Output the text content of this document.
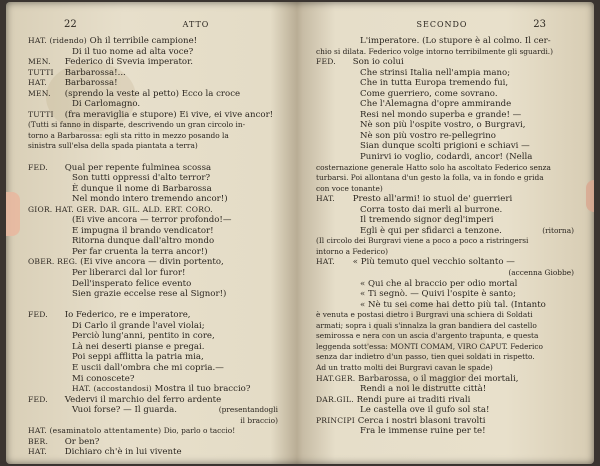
22	ATTO
HAT. (ridendo) Oh il terribile campione!
Di il tuo nome ad alta voce?
MEN. Federico di Svevia imperator.
TUTTI Barbarossa!...
HAT. Barbarossa!
MEN. (sprendo la veste al petto) Ecco la croce
Di Carlomagno.
TUTTI (fra meraviglia e stupore) Ei vive, ei vive ancor!
(Tutti si fanno in disparte, descrivendo un gran circolo in-
torno a Barbarossa: egli sta ritto in mezzo posando la
sinistra sull'elsa della spada piantata a terra)
FED. Qual per repente fulminea scossa
Son tutti oppressi d'alto terror?
È dunque il nome di Barbarossa
Nel mondo intero tremendo ancor!)
GIOR. HAT. GER. DAR. GIL. ALD. ERT. CORO.
(Ei vive ancora — terror profondo!—
E impugna il brando vendicator!
Ritorna dunque dall'altro mondo
Per far cruenta la terra ancor!)
OBER. REG. (Ei vive ancora — divin portento,
Per liberarci dal lor furor!
Dell'insperato felice evento
Sien grazie eccelse rese al Signor!)
FED. Io Federico, re e imperatore,
Di Carlo il grande l'avel violai;
Perciò lung'anni, pentito in core,
Là nei deserti pianse e pregai.
Poi seppi afflitta la patria mia,
E uscii dall'ombra che mi copria.—
Mi conoscete?
HAT. (accostandosi) Mostra il tuo braccio?
FED. Vedervi il marchio del ferro ardente
Vuoi forse? — Il guarda.	(presentandogli
il braccio)
HAT. (esaminatolo attentamente) Dio, parlo o taccio!
BER. Or ben?
HAT. Dichiaro ch'è in lui vivente
SECONDO	23
L'imperatore. (Lo stupore è al colmo. Il cer-
chio si dilata. Federico volge intorno terribilmente gli sguardi.)
FED. Son io colui
Che strinsi Italia nell'ampia mano;
Che in tutta Europa tremendo fui,
Come guerriero, come sovrano.
Che l'Alemagna d'opre ammirande
Resi nel mondo superba e grande! —
Nè son più l'ospite vostro, o Burgravi,
Nè son più vostro re-pellegrino
Sian dunque scolti prigioni e schiavi —
Punirvi io voglio, codardi, ancor! (Nella
costernazione generale Hatto solo ha ascoltato Federico senza
turbarsi. Poi allontana d'un gesto la folla, va in fondo e grida
con voce tonante)
HAT. Presto all'armi! io stuol de' guerrieri
Corra tosto dai merli al burrone.
Il tremendo signor degl'imperi
Egli è qui per sfidarci a tenzone.	(ritorna)
(Il circolo dei Burgravi viene a poco a poco a ristringersi
intorno a Federico)
HAT. « Più temuto quel vecchio soltanto —
(accenna Giobbe)
« Qui che al braccio per odio mortal
« Ti segnò. — Quivi l'ospite è santo;
« Nè tu sei come hai detto più tal. (Intanto
è venuta e postasi dietro i Burgravi una schiera di Soldati
armati; sopra i quali s'innalza la gran bandiera del castello
semirossa e nera con un ascia d'argento trapunta, e questa
leggenda sott'essa: MONTI COMAM, VIRO CAPUT. Federico
senza dar indietro d'un passo, tien quei soldati in rispetto.
Ad un tratto molti dei Burgravi cavan le spade)
HAT.GER. Barbarossa, o il maggior dei mortali,
Rendi a noi le distrutte città!
DAR.GIL. Rendi pure ai traditi rivali
Le castella ove il gufo sol sta!
PRINCIPI Cerca i nostri blasoni travolti
Fra le immense ruine per te!
